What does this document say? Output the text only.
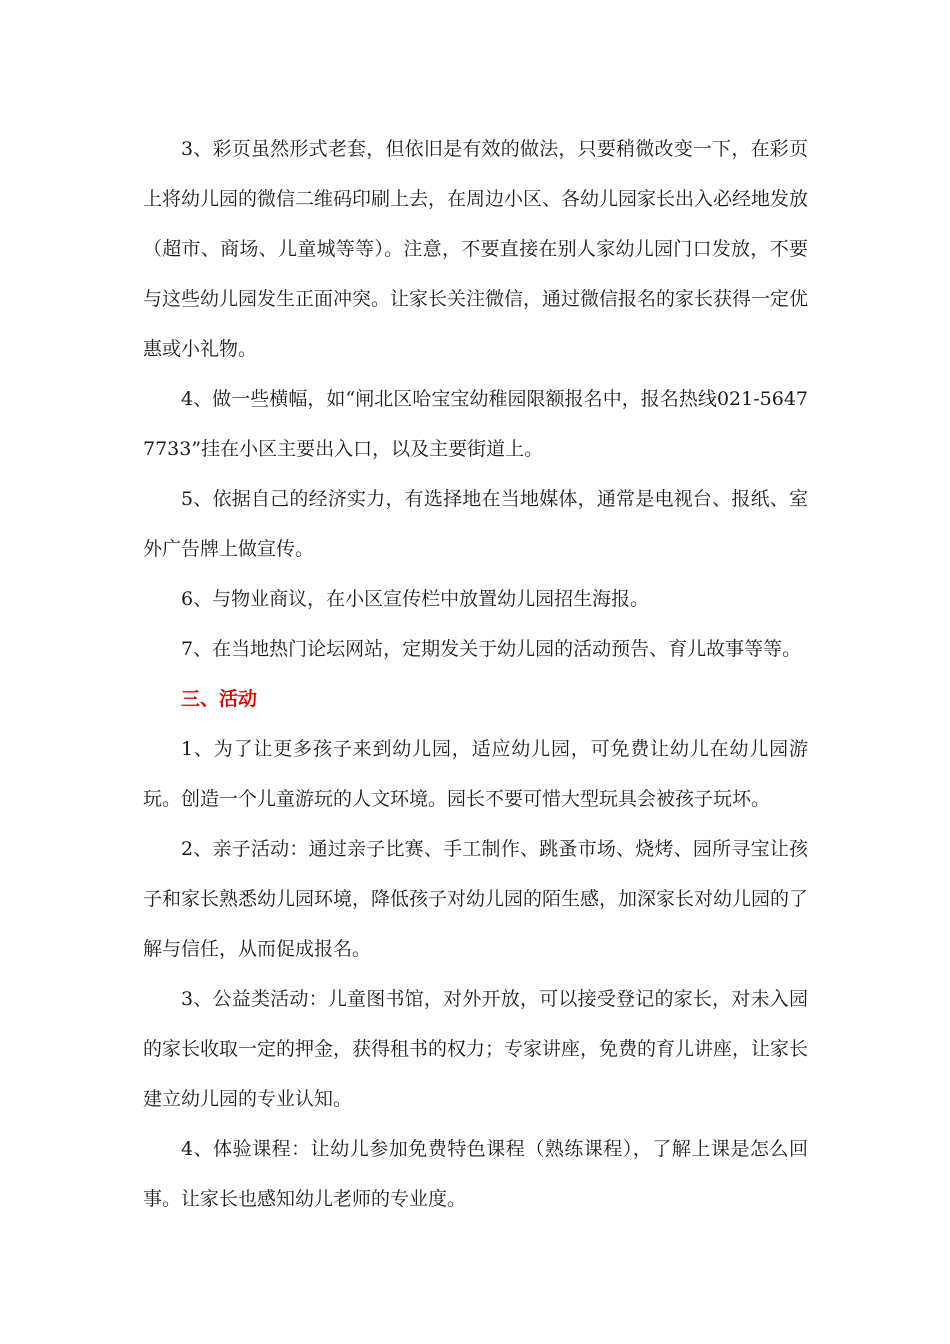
3、彩页虽然形式老套，但依旧是有效的做法，只要稍微改变一下，在彩页上将幼儿园的微信二维码印刷上去，在周边小区、各幼儿园家长出入必经地发放（超市、商场、儿童城等等）。注意，不要直接在别人家幼儿园门口发放，不要与这些幼儿园发生正面冲突。让家长关注微信，通过微信报名的家长获得一定优惠或小礼物。

4、做一些横幅，如“闸北区哈宝宝幼稚园限额报名中，报名热线021-56477733”挂在小区主要出入口，以及主要街道上。

5、依据自己的经济实力，有选择地在当地媒体，通常是电视台、报纸、室外广告牌上做宣传。

6、与物业商议，在小区宣传栏中放置幼儿园招生海报。

7、在当地热门论坛网站，定期发关于幼儿园的活动预告、育儿故事等等。

三、活动

1、为了让更多孩子来到幼儿园，适应幼儿园，可免费让幼儿在幼儿园游玩。创造一个儿童游玩的人文环境。园长不要可惜大型玩具会被孩子玩坏。

2、亲子活动：通过亲子比赛、手工制作、跳蚤市场、烧烤、园所寻宝让孩子和家长熟悉幼儿园环境，降低孩子对幼儿园的陌生感，加深家长对幼儿园的了解与信任，从而促成报名。

3、公益类活动：儿童图书馆，对外开放，可以接受登记的家长，对未入园的家长收取一定的押金，获得租书的权力；专家讲座，免费的育儿讲座，让家长建立幼儿园的专业认知。

4、体验课程：让幼儿参加免费特色课程（熟练课程），了解上课是怎么回事。让家长也感知幼儿老师的专业度。
